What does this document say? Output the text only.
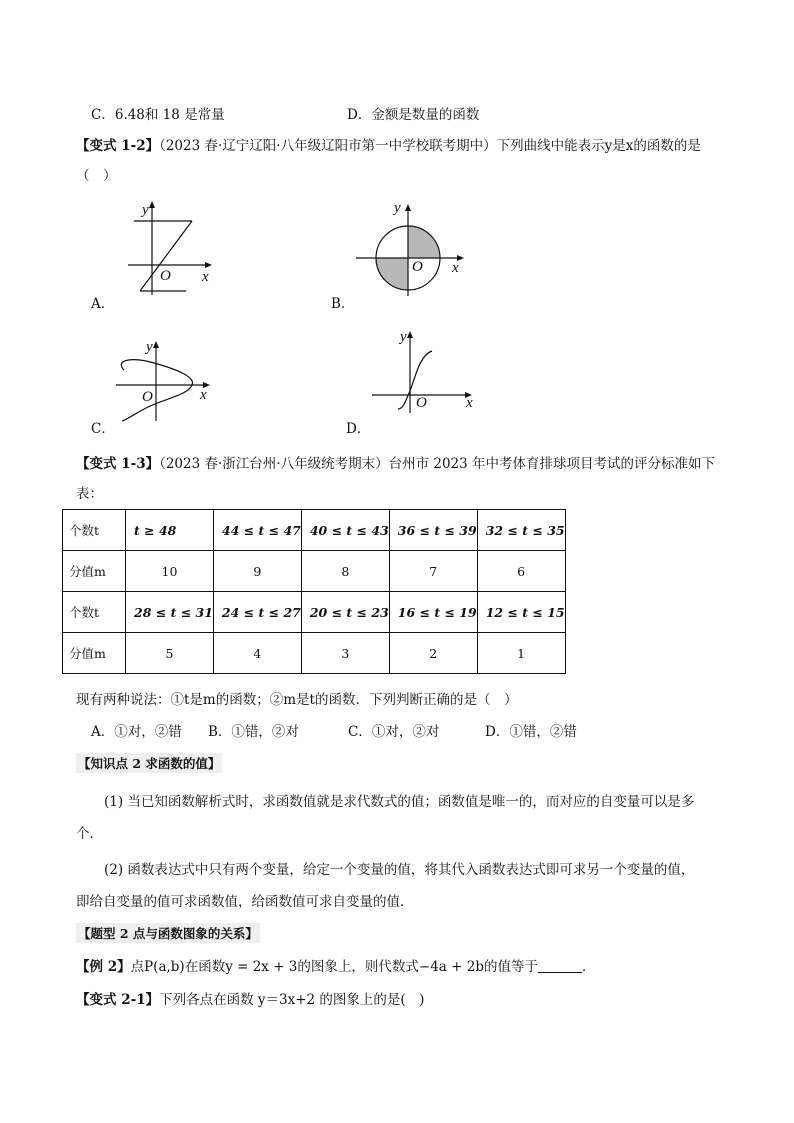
C．6.48和 18 是常量	D．金额是数量的函数
【变式 1-2】（2023 春·辽宁辽阳·八年级辽阳市第一中学校联考期中）下列曲线中能表示y是x的函数的是
（　）
y
x
O
A．
y
x
O
B．
y
x
O
C．
y
x
O
D．
【变式 1-3】（2023 春·浙江台州·八年级统考期末）台州市 2023 年中考体育排球项目考试的评分标准如下
表：
个数t	t ≥ 48	44 ≤ t ≤ 47	40 ≤ t ≤ 43	36 ≤ t ≤ 39	32 ≤ t ≤ 35
分值m	10	9	8	7	6
个数t	28 ≤ t ≤ 31	24 ≤ t ≤ 27	20 ≤ t ≤ 23	16 ≤ t ≤ 19	12 ≤ t ≤ 15
分值m	5	4	3	2	1
现有两种说法：①t是m的函数；②m是t的函数．下列判断正确的是（　）
A．①对，②错 B．①错，②对	C．①对，②对	D．①错，②错
【知识点 2 求函数的值】
(1) 当已知函数解析式时，求函数值就是求代数式的值；函数值是唯一的，而对应的自变量可以是多
个．
(2) 函数表达式中只有两个变量，给定一个变量的值，将其代入函数表达式即可求另一个变量的值，
即给自变量的值可求函数值，给函数值可求自变量的值．
【题型 2 点与函数图象的关系】
【例 2】点P(a,b)在函数y = 2x + 3的图象上，则代数式−4a + 2b的值等于	．
【变式 2-1】下列各点在函数 y＝3x+2 的图象上的是(　)
